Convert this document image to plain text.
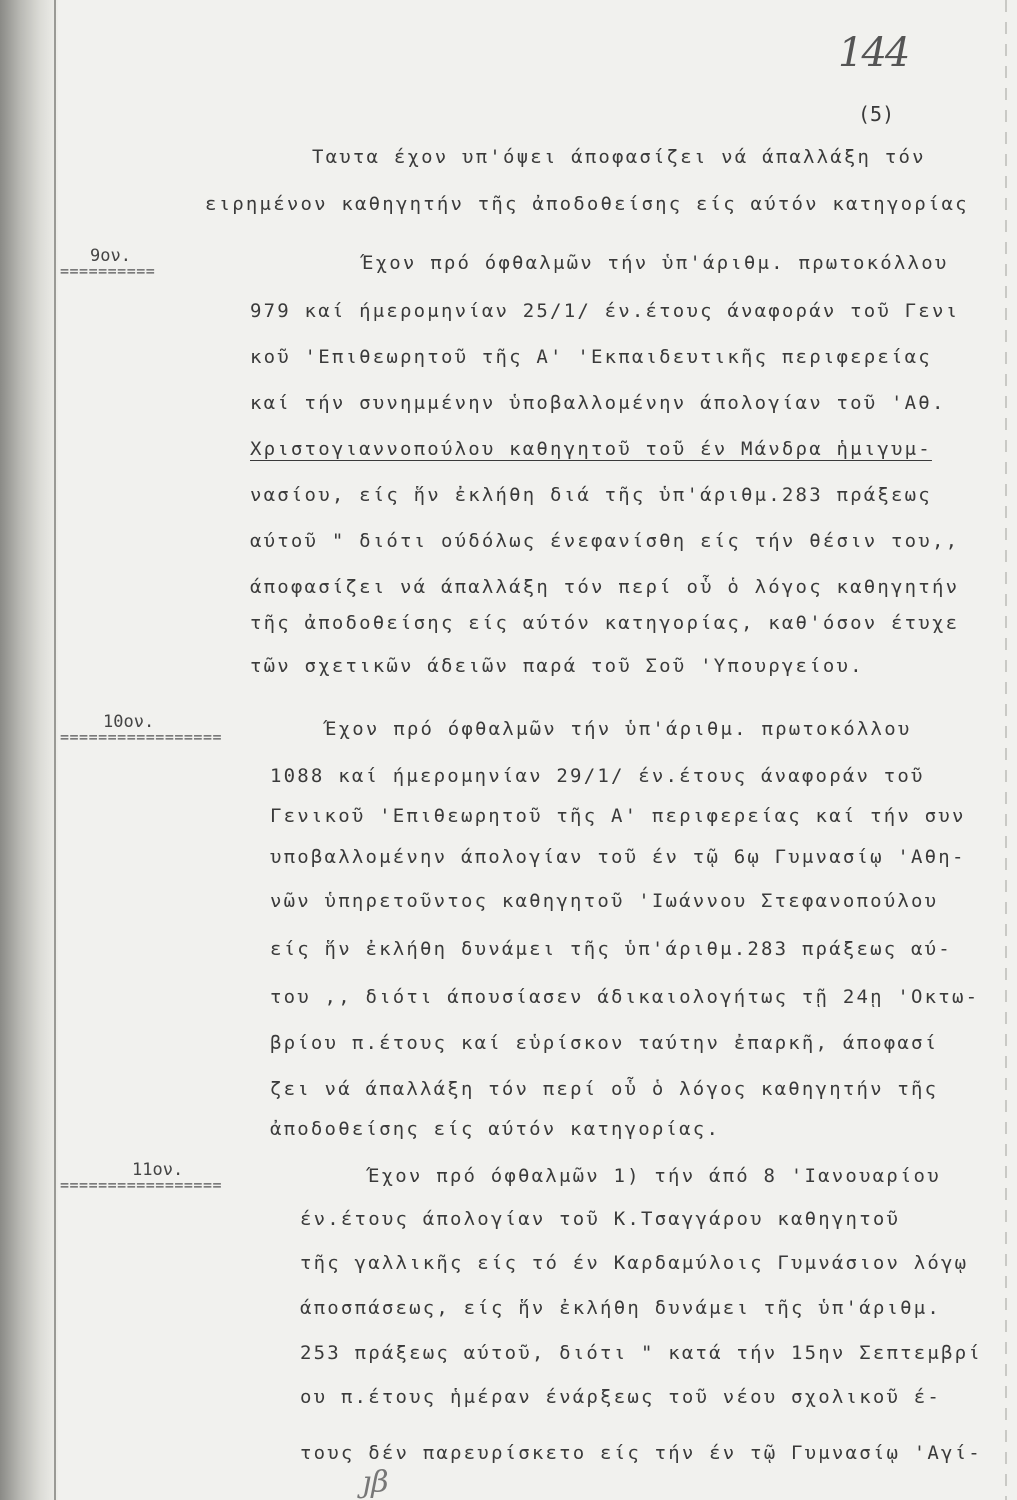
144
(5)
Ταυτα έχον υπ'όψει άποφασίζει νά άπαλλάξη τόν
ειρημένον καθηγητήν τῆς ἀποδοθείσης είς αύτόν κατηγορίας
9ον.
==========	Έχον πρό όφθαλμῶν τήν ὑπ'άριθμ. πρωτοκόλλου
979 καί ήμερομηνίαν 25/1/ έν.έτους άναφοράν τοῦ Γενι
κοῦ 'Επιθεωρητοῦ τῆς Α' 'Εκπαιδευτικῆς περιφερείας
καί τήν συνημμένην ὑποβαλλομένην άπολογίαν τοῦ 'Αθ.
Χριστογιαννοπούλου καθηγητοῦ τοῦ έν Μάνδρα ἡμιγυμ-
νασίου, είς ἥν ἐκλήθη διά τῆς ὑπ'άριθμ.283 πράξεως
αύτοῦ " διότι ούδόλως ένεφανίσθη είς τήν θέσιν του,,
άποφασίζει νά άπαλλάξη τόν περί οὗ ὁ λόγος καθηγητήν
τῆς ἀποδοθείσης είς αύτόν κατηγορίας, καθ'όσον έτυχε
τῶν σχετικῶν άδειῶν παρά τοῦ Σοῦ 'Υπουργείου.
10ον.
=================	Έχον πρό όφθαλμῶν τήν ὑπ'άριθμ. πρωτοκόλλου
1088 καί ήμερομηνίαν 29/1/ έν.έτους άναφοράν τοῦ
Γενικοῦ 'Επιθεωρητοῦ τῆς Α' περιφερείας καί τήν συν
υποβαλλομένην άπολογίαν τοῦ έν τῷ 6ῳ Γυμνασίῳ 'Αθη-
νῶν ὑπηρετοῦντος καθηγητοῦ 'Ιωάννου Στεφανοπούλου
είς ἥν ἐκλήθη δυνάμει τῆς ὑπ'άριθμ.283 πράξεως αύ-
του ,, διότι άπουσίασεν άδικαιολογήτως τῇ 24ῃ 'Οκτω-
βρίου π.έτους καί εὑρίσκον ταύτην ἐπαρκῆ, άποφασί
ζει νά άπαλλάξη τόν περί οὗ ὁ λόγος καθηγητήν τῆς
ἀποδοθείσης είς αύτόν κατηγορίας.
11ον.
=================	Έχον πρό όφθαλμῶν 1) τήν άπό 8 'Ιανουαρίου
έν.έτους άπολογίαν τοῦ Κ.Τσαγγάρου καθηγητοῦ
τῆς γαλλικῆς είς τό έν Καρδαμύλοις Γυμνάσιον λόγῳ
άποσπάσεως, είς ἥν ἐκλήθη δυνάμει τῆς ὑπ'άριθμ.
253 πράξεως αύτοῦ, διότι " κατά τήν 15ην Σεπτεμβρί
ου π.έτους ἡμέραν ένάρξεως τοῦ νέου σχολικοῦ έ-
τους δέν παρευρίσκετο είς τήν έν τῷ Γυμνασίῳ 'Αγί-
ȷβ
